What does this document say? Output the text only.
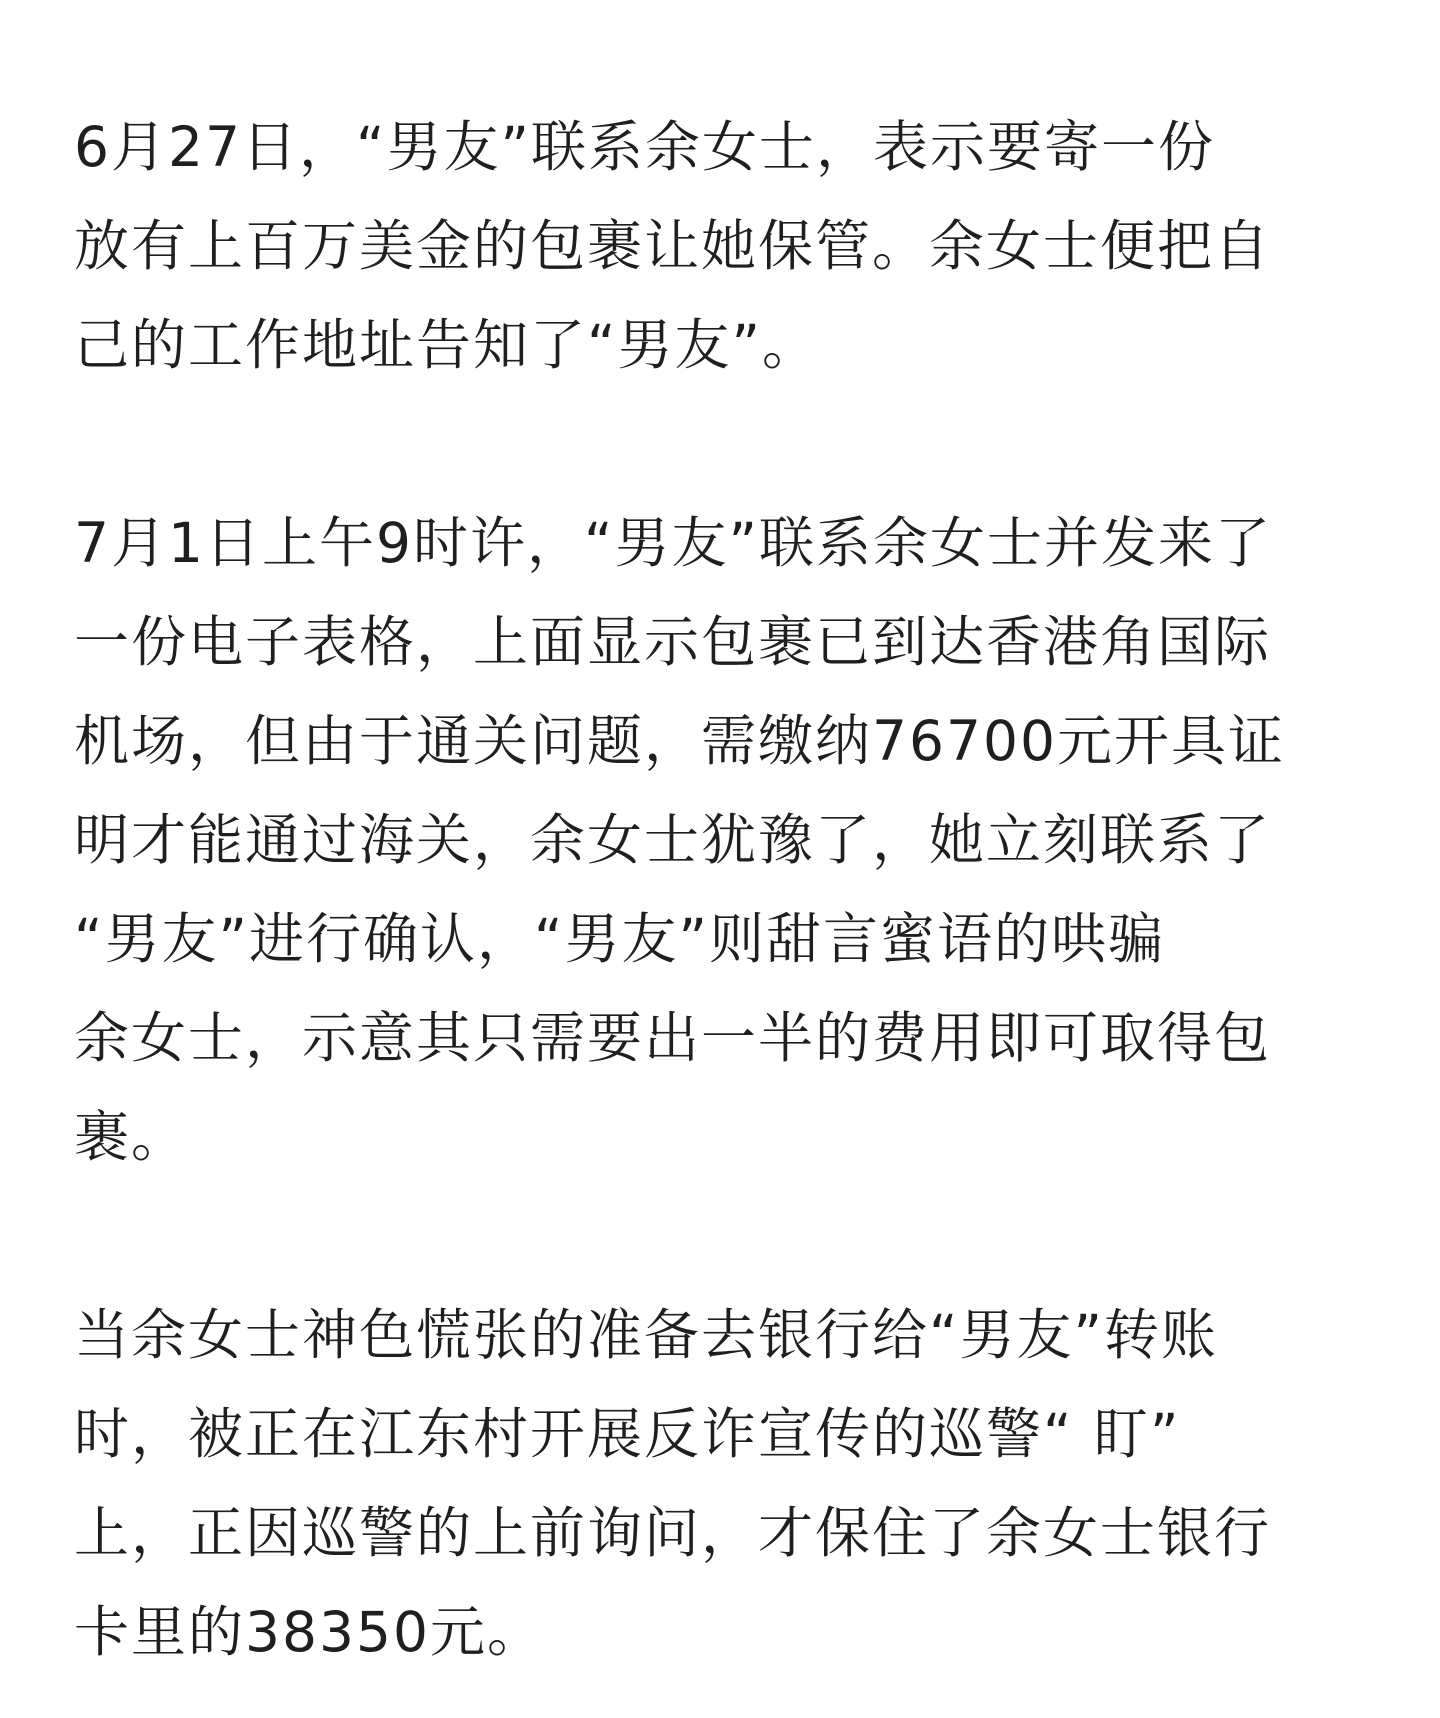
6月27日，“男友”联系余女士，表示要寄一份
放有上百万美金的包裹让她保管。余女士便把自
己的工作地址告知了“男友”。
7月1日上午9时许，“男友”联系余女士并发来了
一份电子表格，上面显示包裹已到达香港角国际
机场，但由于通关问题，需缴纳76700元开具证
明才能通过海关，余女士犹豫了，她立刻联系了
“男友”进行确认，“男友”则甜言蜜语的哄骗
余女士，示意其只需要出一半的费用即可取得包
裹。
当余女士神色慌张的准备去银行给“男友”转账
时，被正在江东村开展反诈宣传的巡警“ 盯”
上，正因巡警的上前询问，才保住了余女士银行
卡里的38350元。
